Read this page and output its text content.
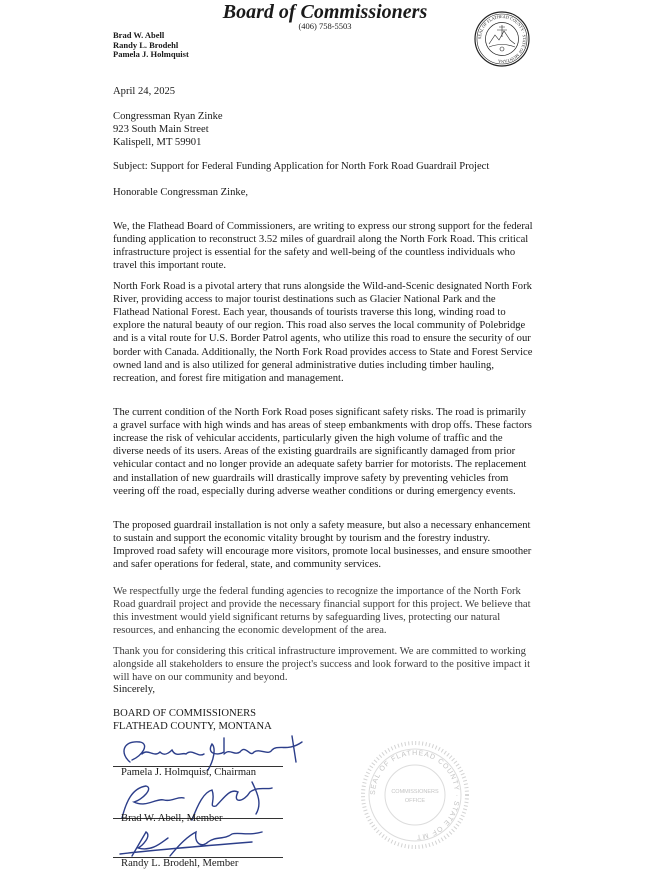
Board of Commissioners
(406) 758-5503
Brad W. Abell
Randy L. Brodehl
Pamela J. Holmquist
SEAL OF FLATHEAD COUNTY · STATE OF MONTANA
April 24, 2025
Congressman Ryan Zinke
923 South Main Street
Kalispell, MT 59901
Subject: Support for Federal Funding Application for North Fork Road Guardrail Project
Honorable Congressman Zinke,

We, the Flathead Board of Commissioners, are writing to express our strong support for the federal funding application to reconstruct 3.52 miles of guardrail along the North Fork Road. This critical infrastructure project is essential for the safety and well-being of the countless individuals who travel this important route.

North Fork Road is a pivotal artery that runs alongside the Wild-and-Scenic designated North Fork River, providing access to major tourist destinations such as Glacier National Park and the Flathead National Forest. Each year, thousands of tourists traverse this long, winding road to explore the natural beauty of our region. This road also serves the local community of Polebridge and is a vital route for U.S. Border Patrol agents, who utilize this road to ensure the security of our border with Canada. Additionally, the North Fork Road provides access to State and Forest Service owned land and is also utilized for general administrative duties including timber hauling, recreation, and forest fire mitigation and management.

The current condition of the North Fork Road poses significant safety risks. The road is primarily a gravel surface with high winds and has areas of steep embankments with drop offs. These factors increase the risk of vehicular accidents, particularly given the high volume of traffic and the diverse needs of its users. Areas of the existing guardrails are significantly damaged from prior vehicular contact and no longer provide an adequate safety barrier for motorists. The replacement and installation of new guardrails will drastically improve safety by preventing vehicles from veering off the road, especially during adverse weather conditions or during emergency events.

The proposed guardrail installation is not only a safety measure, but also a necessary enhancement to sustain and support the economic vitality brought by tourism and the forestry industry. Improved road safety will encourage more visitors, promote local businesses, and ensure smoother and safer operations for federal, state, and community services.

We respectfully urge the federal funding agencies to recognize the importance of the North Fork Road guardrail project and provide the necessary financial support for this project. We believe that this investment would yield significant returns by safeguarding lives, protecting our natural resources, and enhancing the economic development of the area.

Thank you for considering this critical infrastructure improvement. We are committed to working alongside all stakeholders to ensure the project's success and look forward to the positive impact it will have on our community and beyond.

Sincerely,
BOARD OF COMMISSIONERS
FLATHEAD COUNTY, MONTANA
Pamela J. Holmquist, Chairman
Brad W. Abell, Member
Randy L. Brodehl, Member
SEAL OF FLATHEAD COUNTY · STATE OF MT
COMMISSIONERS
OFFICE
